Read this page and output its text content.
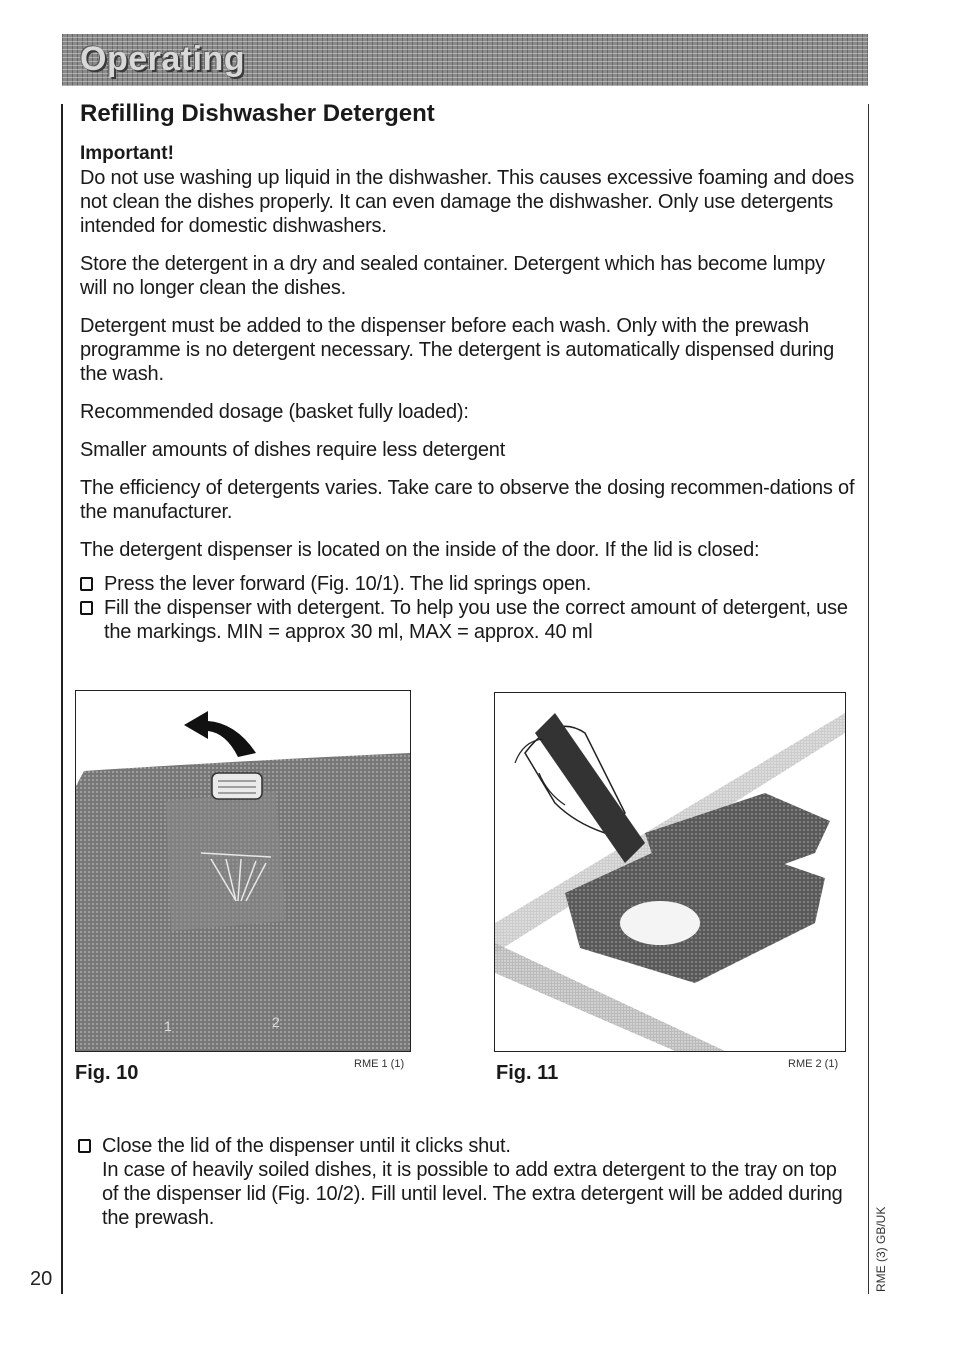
Operating
Refilling Dishwasher Detergent
Important!

Do not use washing up liquid in the dishwasher. This causes excessive foaming and does not clean the dishes properly. It can even damage the dishwasher. Only use detergents intended for domestic dishwashers.

Store the detergent in a dry and sealed container. Detergent which has become lumpy will no longer clean the dishes.

Detergent must be added to the dispenser before each wash. Only with the prewash programme is no detergent necessary. The detergent is automatically dispensed during the wash.

Recommended dosage (basket fully loaded):

Smaller amounts of dishes require less detergent

The efficiency of detergents varies. Take care to observe the dosing recommen-dations of the manufacturer.

The detergent dispenser is located on the inside of the door. If the lid is closed:

Press the lever forward (Fig. 10/1). The lid springs open.
Fill the dispenser with detergent. To help you use the correct amount of detergent, use the markings. MIN = approx 30 ml, MAX = approx. 40 ml
1	2
Fig. 10	RME 1 (1)	Fig. 11	RME 2 (1)
Close the lid of the dispenser until it clicks shut.

In case of heavily soiled dishes, it is possible to add extra detergent to the tray on top of the dispenser lid (Fig. 10/2). Fill until level. The extra detergent will be added during the prewash.

20	RME (3) GB/UK
